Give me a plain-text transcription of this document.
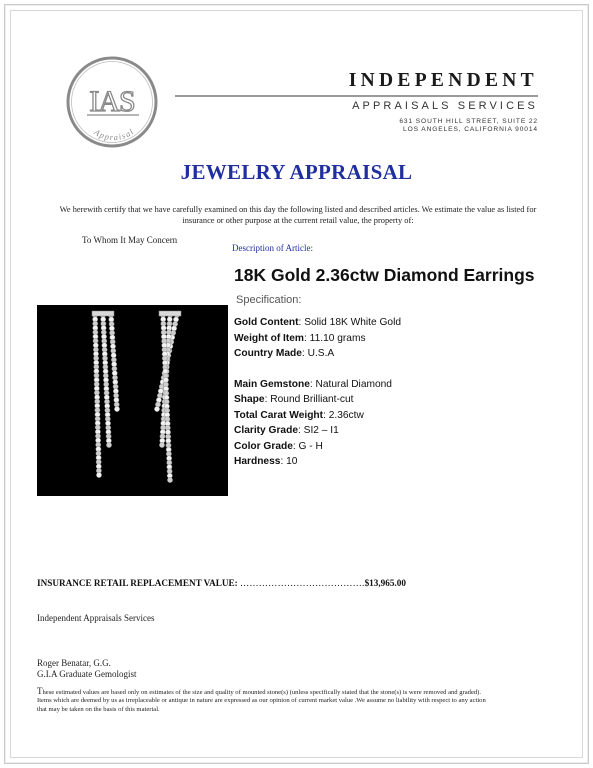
IAS
Appraisal
INDEPENDENT
APPRAISALS SERVICES
631 SOUTH HILL STREET, SUITE 22
LOS ANGELES, CALIFORNIA 90014
JEWELRY APPRAISAL
We herewith certify that we have carefully examined on this day the following listed and described articles. We estimate the value as listed for
insurance or other purpose at the current retail value, the property of:
To Whom It May Concern
Description of Article:
18K Gold 2.36ctw Diamond Earrings
Specification:
Gold Content: Solid 18K White Gold
Weight of Item: 11.10 grams
Country Made: U.S.A
Main Gemstone: Natural Diamond
Shape: Round Brilliant-cut
Total Carat Weight: 2.36ctw
Clarity Grade: SI2 – I1
Color Grade: G - H
Hardness: 10
INSURANCE RETAIL REPLACEMENT VALUE: ………………………………….$13,965.00
Independent Appraisals Services
Roger Benatar, G.G.
G.I.A Graduate Gemologist
These estimated values are based only on estimates of the size and quality of mounted stone(s) (unless specifically stated that the stone(s) is were removed and graded). Items which are deemed by us as irreplaceable or antique in nature are expressed as our opinion of current market value .We assume no liability with respect to any action that may be taken on the basis of this material.
